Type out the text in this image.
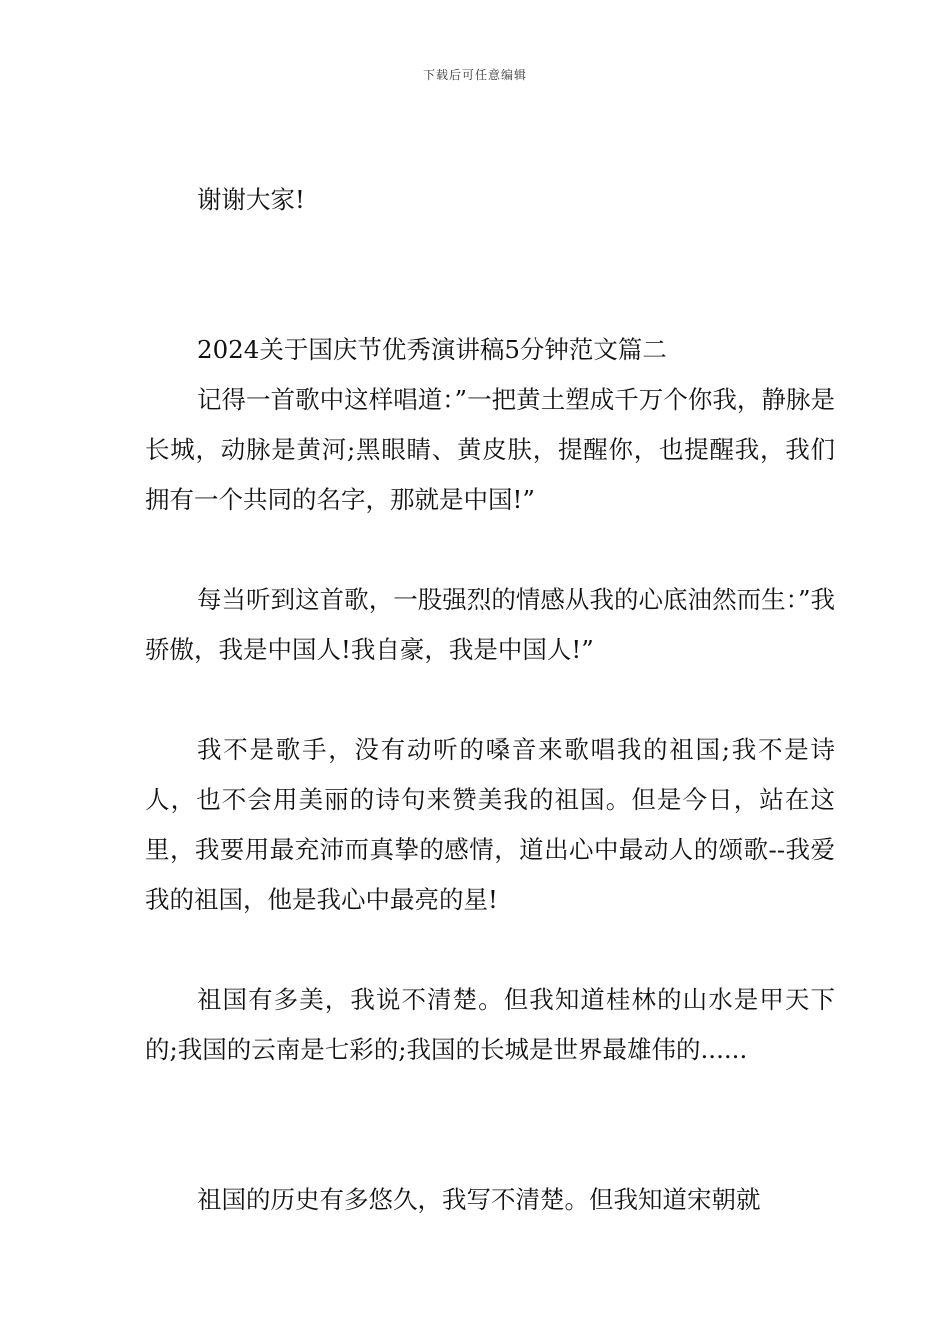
下载后可任意编辑

谢谢大家!

2024关于国庆节优秀演讲稿5分钟范文篇二

记得一首歌中这样唱道：”一把黄土塑成千万个你我，静脉是长城，动脉是黄河;黑眼睛、黄皮肤，提醒你，也提醒我，我们拥有一个共同的名字，那就是中国!”

每当听到这首歌，一股强烈的情感从我的心底油然而生：”我骄傲，我是中国人!我自豪，我是中国人!”

我不是歌手，没有动听的嗓音来歌唱我的祖国;我不是诗人，也不会用美丽的诗句来赞美我的祖国。但是今日，站在这里，我要用最充沛而真挚的感情，道出心中最动人的颂歌--我爱我的祖国，他是我心中最亮的星!

祖国有多美，我说不清楚。但我知道桂林的山水是甲天下的;我国的云南是七彩的;我国的长城是世界最雄伟的......

祖国的历史有多悠久，我写不清楚。但我知道宋朝就
